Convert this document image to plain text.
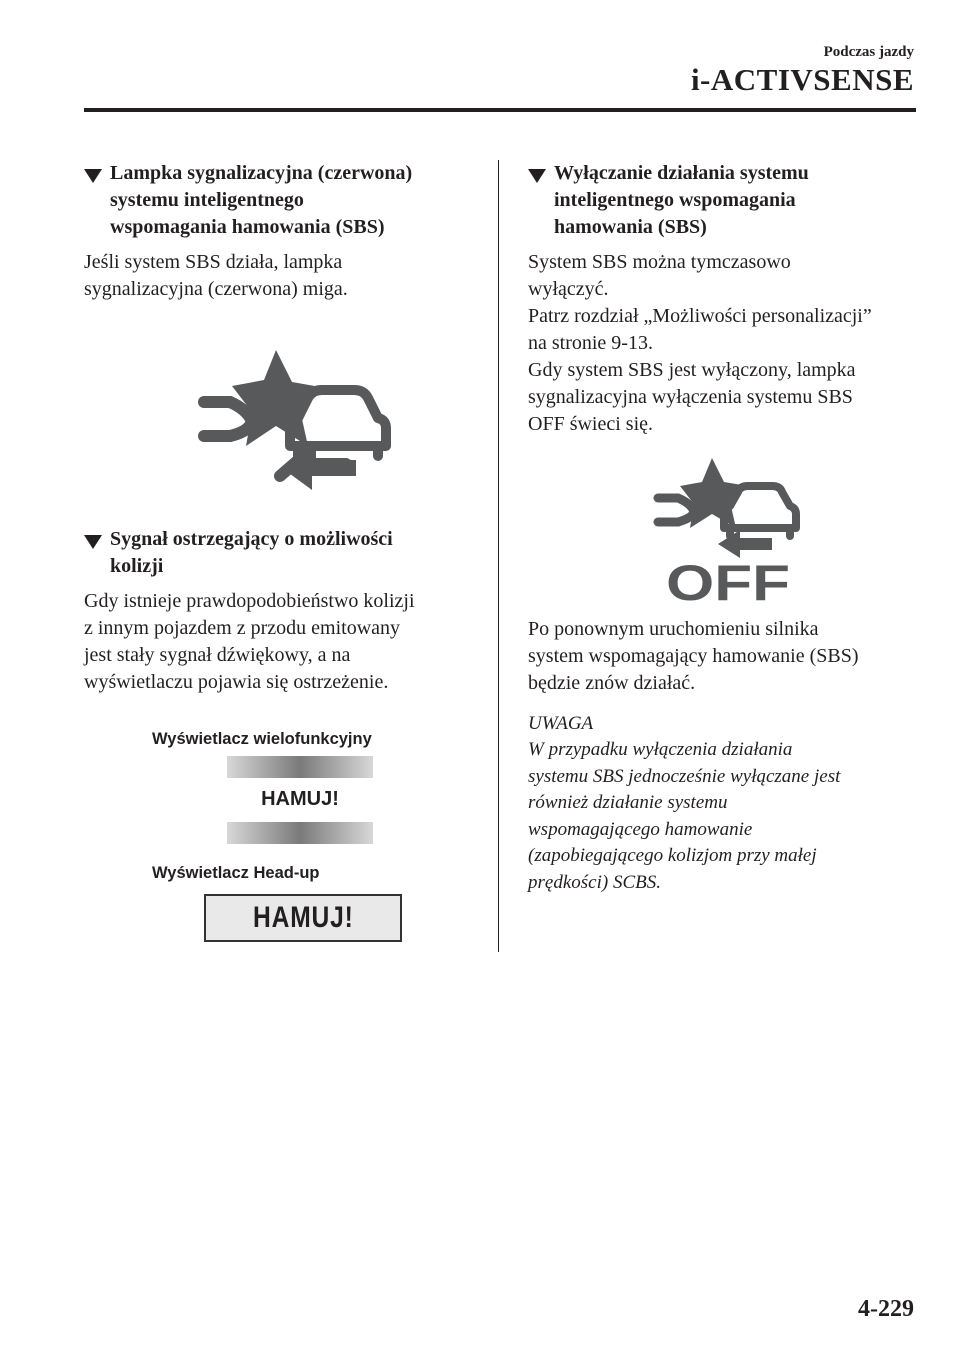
Podczas jazdy
i-ACTIVSENSE
Lampka sygnalizacyjna (czerwona)
systemu inteligentnego
wspomagania hamowania (SBS)
Jeśli system SBS działa, lampka
sygnalizacyjna (czerwona) miga.
Sygnał ostrzegający o możliwości
kolizji
Gdy istnieje prawdopodobieństwo kolizji
z innym pojazdem z przodu emitowany
jest stały sygnał dźwiękowy, a na
wyświetlaczu pojawia się ostrzeżenie.
Wyświetlacz wielofunkcyjny
HAMUJ!
Wyświetlacz Head-up
HAMUJ!
Wyłączanie działania systemu
inteligentnego wspomagania
hamowania (SBS)
System SBS można tymczasowo
wyłączyć.
Patrz rozdział „Możliwości personalizacji”
na stronie 9-13.
Gdy system SBS jest wyłączony, lampka
sygnalizacyjna wyłączenia systemu SBS
OFF świeci się.
OFF
Po ponownym uruchomieniu silnika
system wspomagający hamowanie (SBS)
będzie znów działać.
UWAGA
W przypadku wyłączenia działania
systemu SBS jednocześnie wyłączane jest
również działanie systemu
wspomagającego hamowanie
(zapobiegającego kolizjom przy małej
prędkości) SCBS.
4-229
